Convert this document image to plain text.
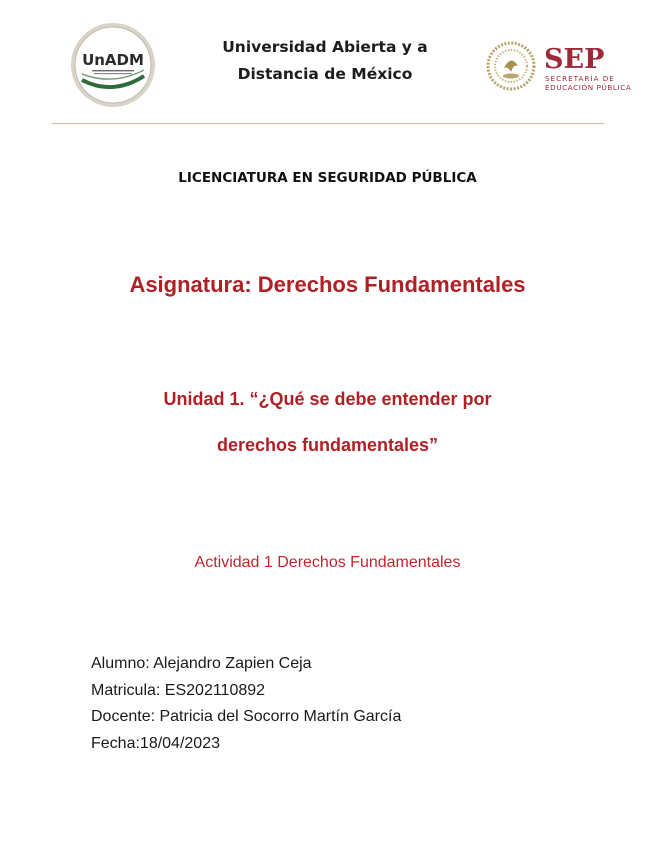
UnADM
Universidad Abierta y a
Distancia de México	SEP
SECRETARÍA DE
EDUCACIÓN PÚBLICA
LICENCIATURA EN SEGURIDAD PÚBLICA
Asignatura: Derechos Fundamentales
Unidad 1. “¿Qué se debe entender por
derechos fundamentales”
Actividad 1 Derechos Fundamentales
Alumno: Alejandro Zapien Ceja
Matricula: ES202110892
Docente: Patricia del Socorro Martín García
Fecha:18/04/2023
